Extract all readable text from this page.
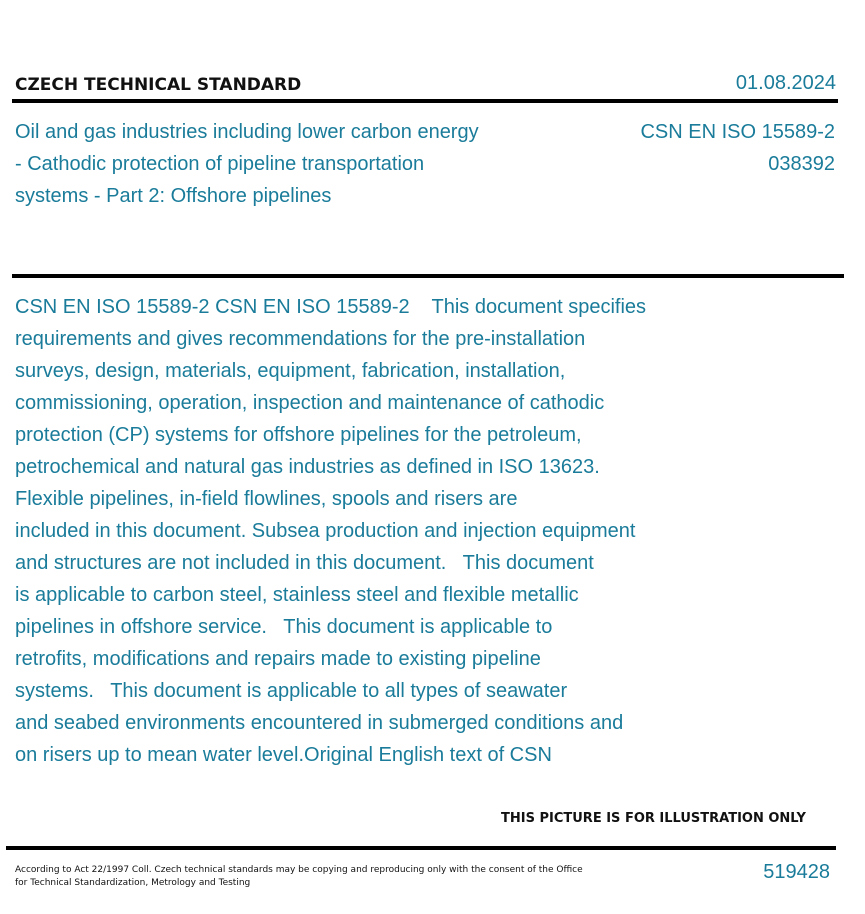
CZECH TECHNICAL STANDARD	01.08.2024
Oil and gas industries including lower carbon energy
- Cathodic protection of pipeline transportation
systems - Part 2: Offshore pipelines
CSN EN ISO 15589-2
038392
CSN EN ISO 15589-2 CSN EN ISO 15589-2    This document specifies
requirements and gives recommendations for the pre-installation
surveys, design, materials, equipment, fabrication, installation,
commissioning, operation, inspection and maintenance of cathodic
protection (CP) systems for offshore pipelines for the petroleum,
petrochemical and natural gas industries as defined in ISO 13623.
Flexible pipelines, in-field flowlines, spools and risers are
included in this document. Subsea production and injection equipment
and structures are not included in this document.   This document
is applicable to carbon steel, stainless steel and flexible metallic
pipelines in offshore service.   This document is applicable to
retrofits, modifications and repairs made to existing pipeline
systems.   This document is applicable to all types of seawater
and seabed environments encountered in submerged conditions and
on risers up to mean water level.Original English text of CSN
THIS PICTURE IS FOR ILLUSTRATION ONLY
According to Act 22/1997 Coll. Czech technical standards may be copying and reproducing only with the consent of the Office
for Technical Standardization, Metrology and Testing	519428
